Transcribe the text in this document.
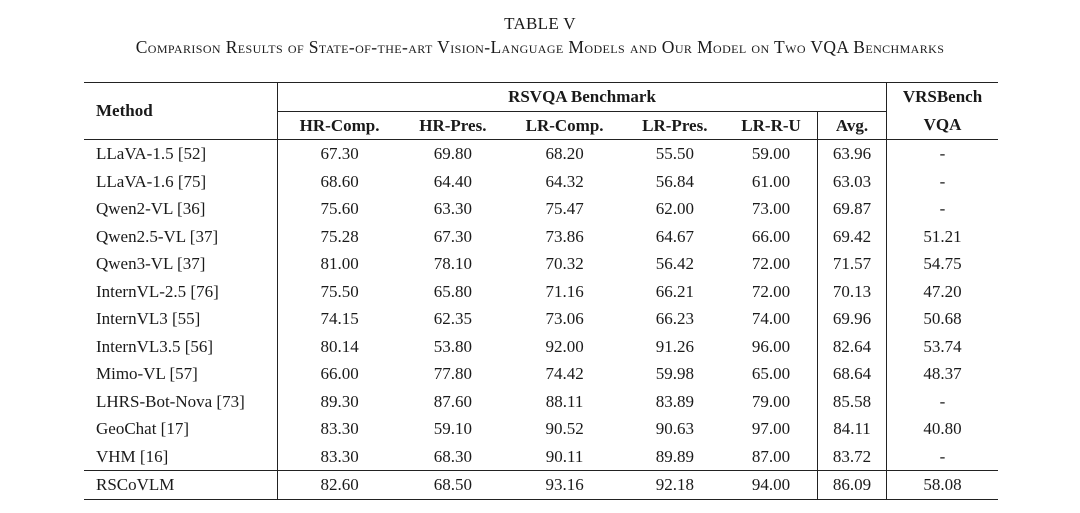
TABLE V
Comparison Results of State-of-the-art Vision-Language Models and Our Model on Two VQA Benchmarks
Method	RSVQA Benchmark						VRSBench
	HR-Comp.	HR-Pres.	LR-Comp.	LR-Pres.	LR-R-U	Avg.	VQA
LLaVA-1.5 [52]	67.30	69.80	68.20	55.50	59.00	63.96	-
LLaVA-1.6 [75]	68.60	64.40	64.32	56.84	61.00	63.03	-
Qwen2-VL [36]	75.60	63.30	75.47	62.00	73.00	69.87	-
Qwen2.5-VL [37]	75.28	67.30	73.86	64.67	66.00	69.42	51.21
Qwen3-VL [37]	81.00	78.10	70.32	56.42	72.00	71.57	54.75
InternVL-2.5 [76]	75.50	65.80	71.16	66.21	72.00	70.13	47.20
InternVL3 [55]	74.15	62.35	73.06	66.23	74.00	69.96	50.68
InternVL3.5 [56]	80.14	53.80	92.00	91.26	96.00	82.64	53.74
Mimo-VL [57]	66.00	77.80	74.42	59.98	65.00	68.64	48.37
LHRS-Bot-Nova [73]	89.30	87.60	88.11	83.89	79.00	85.58	-
GeoChat [17]	83.30	59.10	90.52	90.63	97.00	84.11	40.80
VHM [16]	83.30	68.30	90.11	89.89	87.00	83.72	-
RSCoVLM	82.60	68.50	93.16	92.18	94.00	86.09	58.08
